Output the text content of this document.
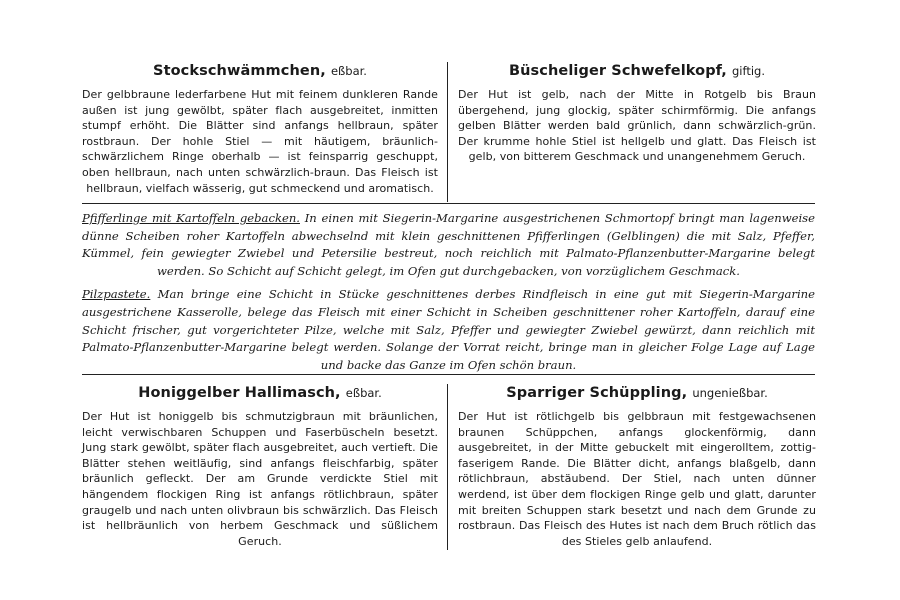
Stockschwämmchen, eßbar.

Der gelbbraune lederfarbene Hut mit feinem dunkleren Rande außen ist jung gewölbt, später flach ausgebreitet, inmitten stumpf erhöht. Die Blätter sind anfangs hellbraun, später rostbraun. Der hohle Stiel — mit häutigem, bräunlich-schwärzlichem Ringe oberhalb — ist feinsparrig geschuppt, oben hellbraun, nach unten schwärzlich-braun. Das Fleisch ist hellbraun, vielfach wässerig, gut schmeckend und aromatisch.

Büscheliger Schwefelkopf, giftig.

Der Hut ist gelb, nach der Mitte in Rotgelb bis Braun übergehend, jung glockig, später schirmförmig. Die anfangs gelben Blätter werden bald grünlich, dann schwärzlich-grün. Der krumme hohle Stiel ist hellgelb und glatt. Das Fleisch ist gelb, von bitterem Geschmack und unangenehmem Geruch.

Pfifferlinge mit Kartoffeln gebacken. In einen mit Siegerin-Margarine ausgestrichenen Schmortopf bringt man lagenweise dünne Scheiben roher Kartoffeln abwechselnd mit klein geschnittenen Pfifferlingen (Gelblingen) die mit Salz, Pfeffer, Kümmel, fein gewiegter Zwiebel und Petersilie bestreut, noch reichlich mit Palmato-Pflanzenbutter-Margarine belegt werden. So Schicht auf Schicht gelegt, im Ofen gut durchgebacken, von vorzüglichem Geschmack.

Pilzpastete. Man bringe eine Schicht in Stücke geschnittenes derbes Rindfleisch in eine gut mit Siegerin-Margarine ausgestrichene Kasserolle, belege das Fleisch mit einer Schicht in Scheiben geschnittener roher Kartoffeln, darauf eine Schicht frischer, gut vorgerichteter Pilze, welche mit Salz, Pfeffer und gewiegter Zwiebel gewürzt, dann reichlich mit Palmato-Pflanzenbutter-Margarine belegt werden. Solange der Vorrat reicht, bringe man in gleicher Folge Lage auf Lage und backe das Ganze im Ofen schön braun.

Honiggelber Hallimasch, eßbar.

Der Hut ist honiggelb bis schmutzigbraun mit bräunlichen, leicht verwischbaren Schuppen und Faserbüscheln besetzt. Jung stark gewölbt, später flach ausgebreitet, auch vertieft. Die Blätter stehen weitläufig, sind anfangs fleischfarbig, später bräunlich gefleckt. Der am Grunde verdickte Stiel mit hängendem flockigen Ring ist anfangs rötlichbraun, später graugelb und nach unten olivbraun bis schwärzlich. Das Fleisch ist hellbräunlich von herbem Geschmack und süßlichem Geruch.

Sparriger Schüppling, ungenießbar.

Der Hut ist rötlichgelb bis gelbbraun mit festgewachsenen braunen Schüppchen, anfangs glockenförmig, dann ausgebreitet, in der Mitte gebuckelt mit eingerolltem, zottig-faserigem Rande. Die Blätter dicht, anfangs blaßgelb, dann rötlichbraun, abstäubend. Der Stiel, nach unten dünner werdend, ist über dem flockigen Ringe gelb und glatt, darunter mit breiten Schuppen stark besetzt und nach dem Grunde zu rostbraun. Das Fleisch des Hutes ist nach dem Bruch rötlich das des Stieles gelb anlaufend.
